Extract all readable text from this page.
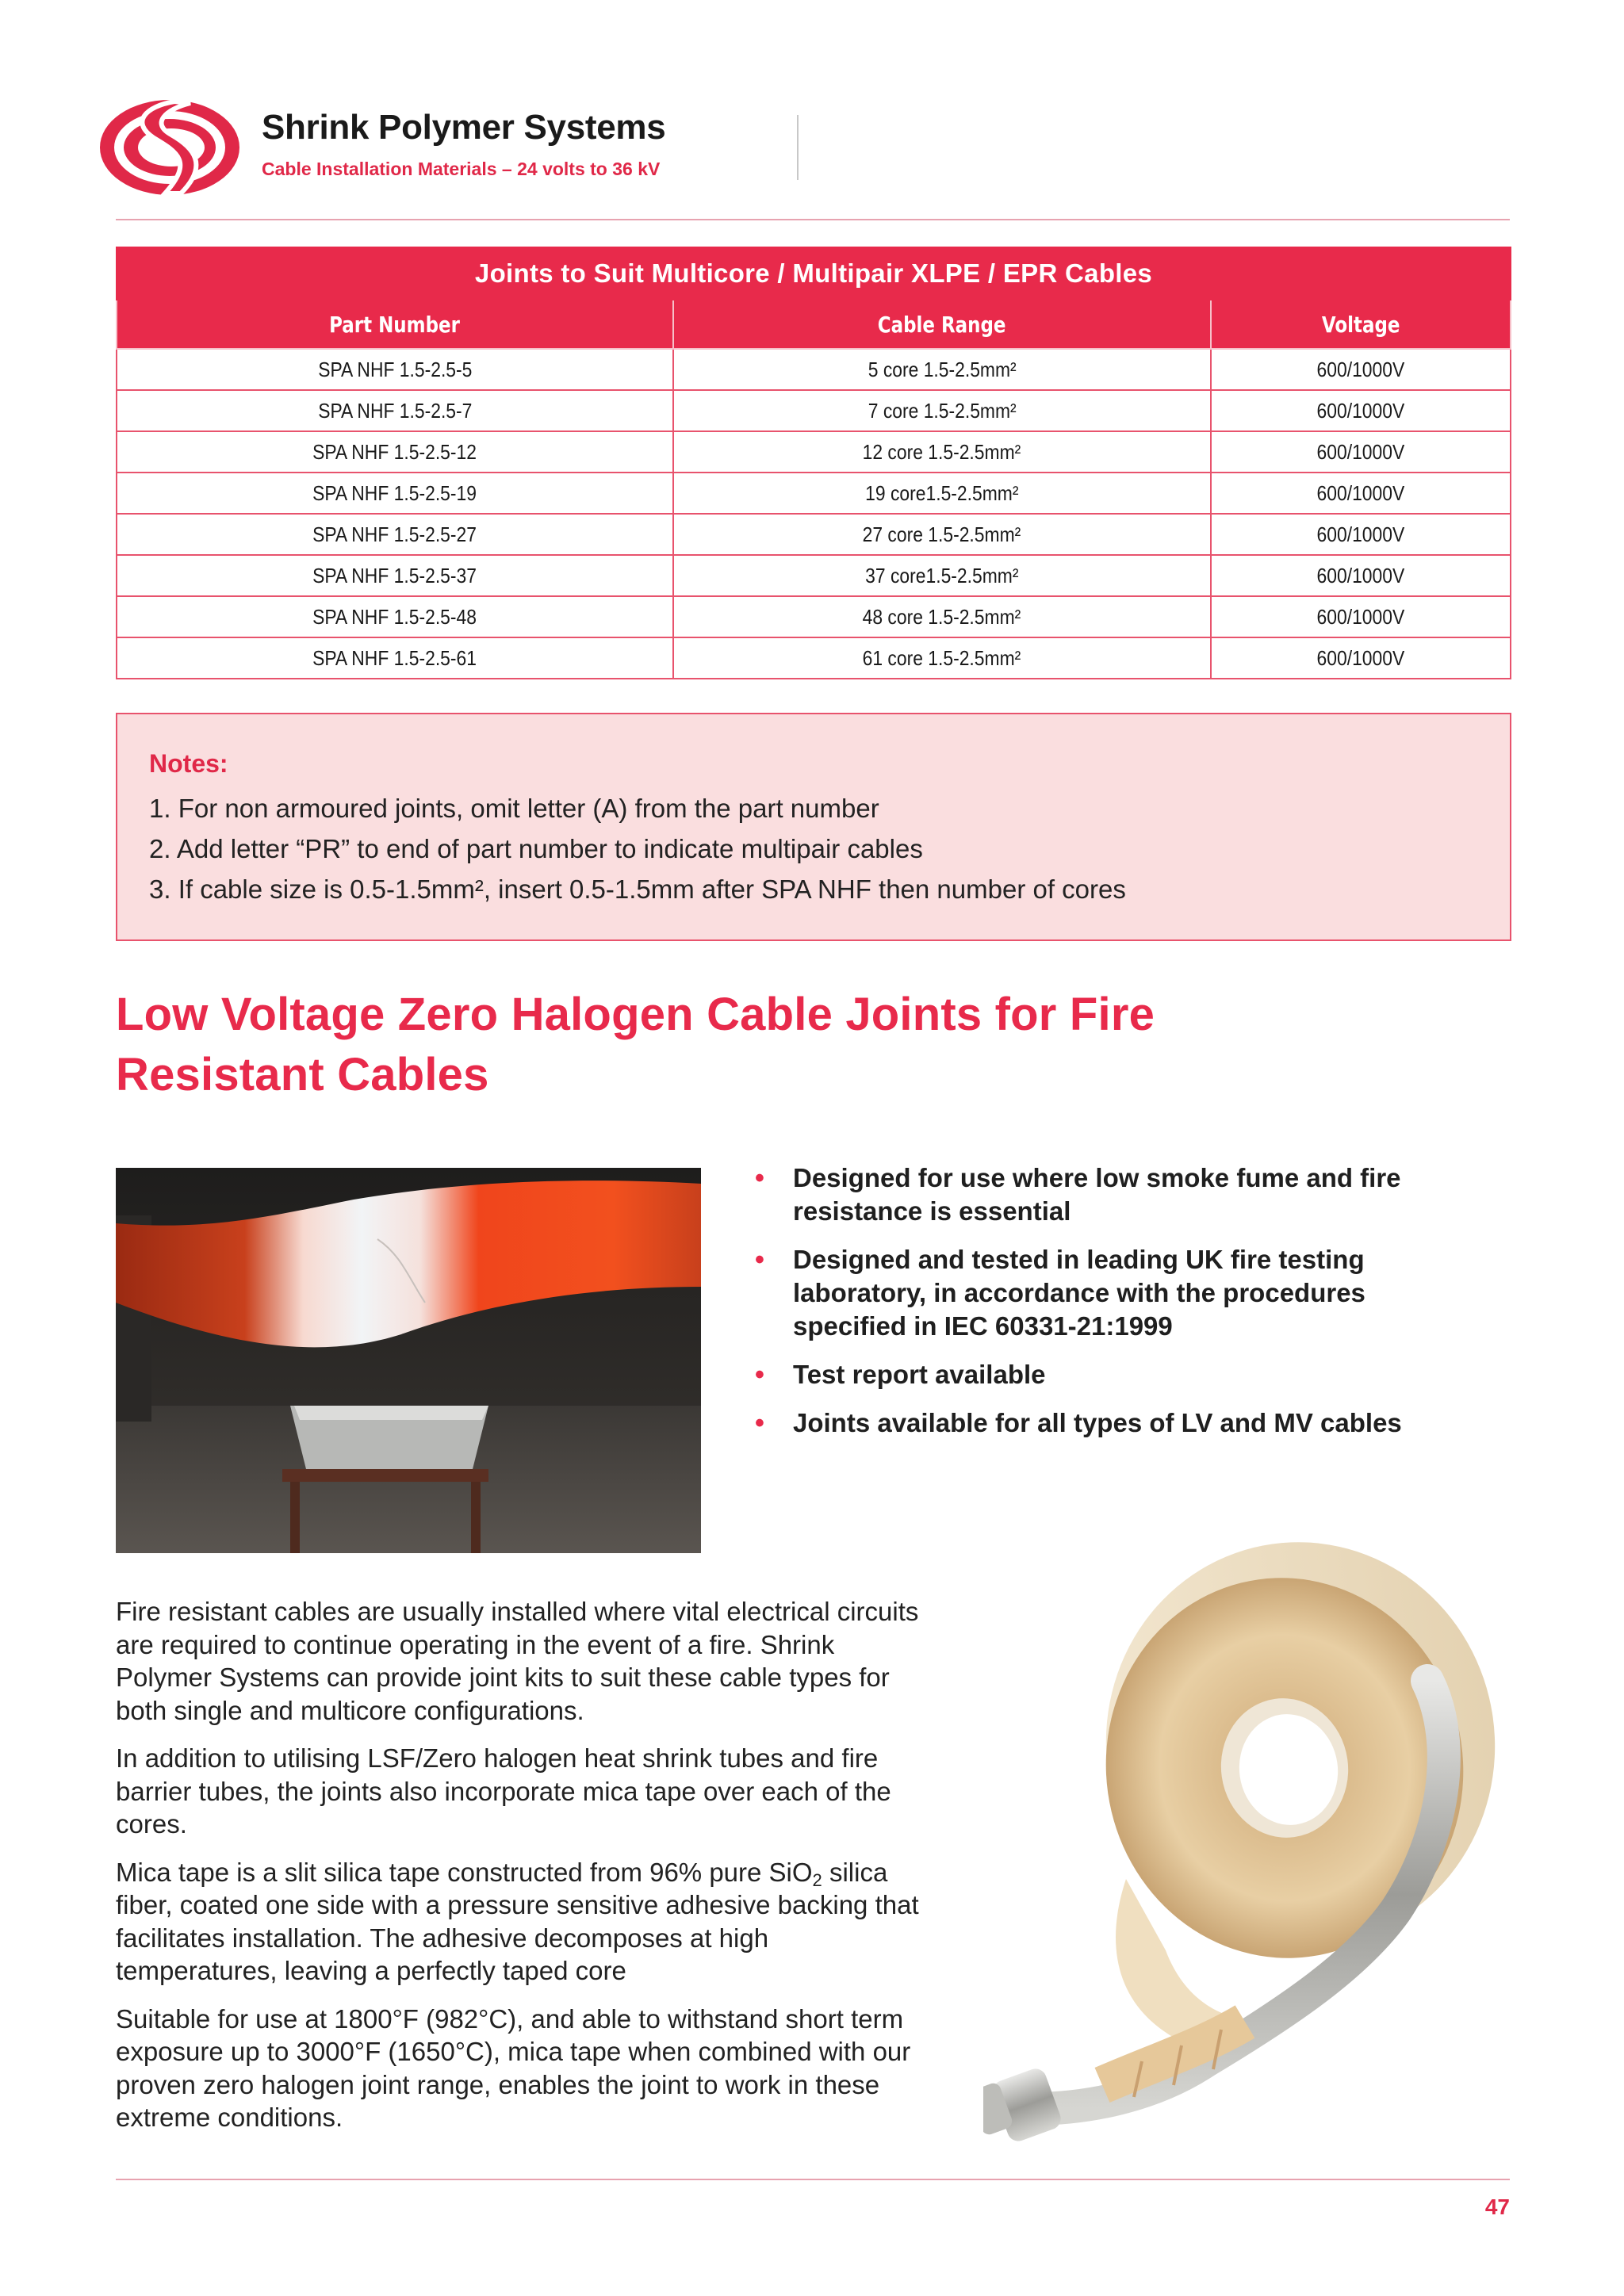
Shrink Polymer Systems
Cable Installation Materials – 24 volts to 36 kV
Joints to Suit Multicore / Multipair XLPE / EPR Cables		
Part Number	Cable Range	Voltage
SPA NHF 1.5-2.5-5	5 core 1.5-2.5mm²	600/1000V
SPA NHF 1.5-2.5-7	7 core 1.5-2.5mm²	600/1000V
SPA NHF 1.5-2.5-12	12 core 1.5-2.5mm²	600/1000V
SPA NHF 1.5-2.5-19	19 core1.5-2.5mm²	600/1000V
SPA NHF 1.5-2.5-27	27 core 1.5-2.5mm²	600/1000V
SPA NHF 1.5-2.5-37	37 core1.5-2.5mm²	600/1000V
SPA NHF 1.5-2.5-48	48 core 1.5-2.5mm²	600/1000V
SPA NHF 1.5-2.5-61	61 core 1.5-2.5mm²	600/1000V
Notes:
1. For non armoured joints, omit letter (A) from the part number
2. Add letter “PR” to end of part number to indicate multipair cables
3. If cable size is 0.5-1.5mm², insert 0.5-1.5mm after SPA NHF then number of cores
Low Voltage Zero Halogen Cable Joints for Fire
Resistant Cables
• Designed for use where low smoke fume and fire resistance is essential
• Designed and tested in leading UK fire testing laboratory, in accordance with the procedures specified in IEC 60331-21:1999
• Test report available
• Joints available for all types of LV and MV cables

Fire resistant cables are usually installed where vital electrical circuits are required to continue operating in the event of a fire. Shrink Polymer Systems can provide joint kits to suit these cable types for both single and multicore configurations.

In addition to utilising LSF/Zero halogen heat shrink tubes and fire barrier tubes, the joints also incorporate mica tape over each of the cores.

Mica tape is a slit silica tape constructed from 96% pure SiO$_2$ silica fiber, coated one side with a pressure sensitive adhesive backing that facilitates installation. The adhesive decomposes at high temperatures, leaving a perfectly taped core

Suitable for use at 1800°F (982°C), and able to withstand short term exposure up to 3000°F (1650°C), mica tape when combined with our proven zero halogen joint range, enables the joint to work in these extreme conditions.

47
